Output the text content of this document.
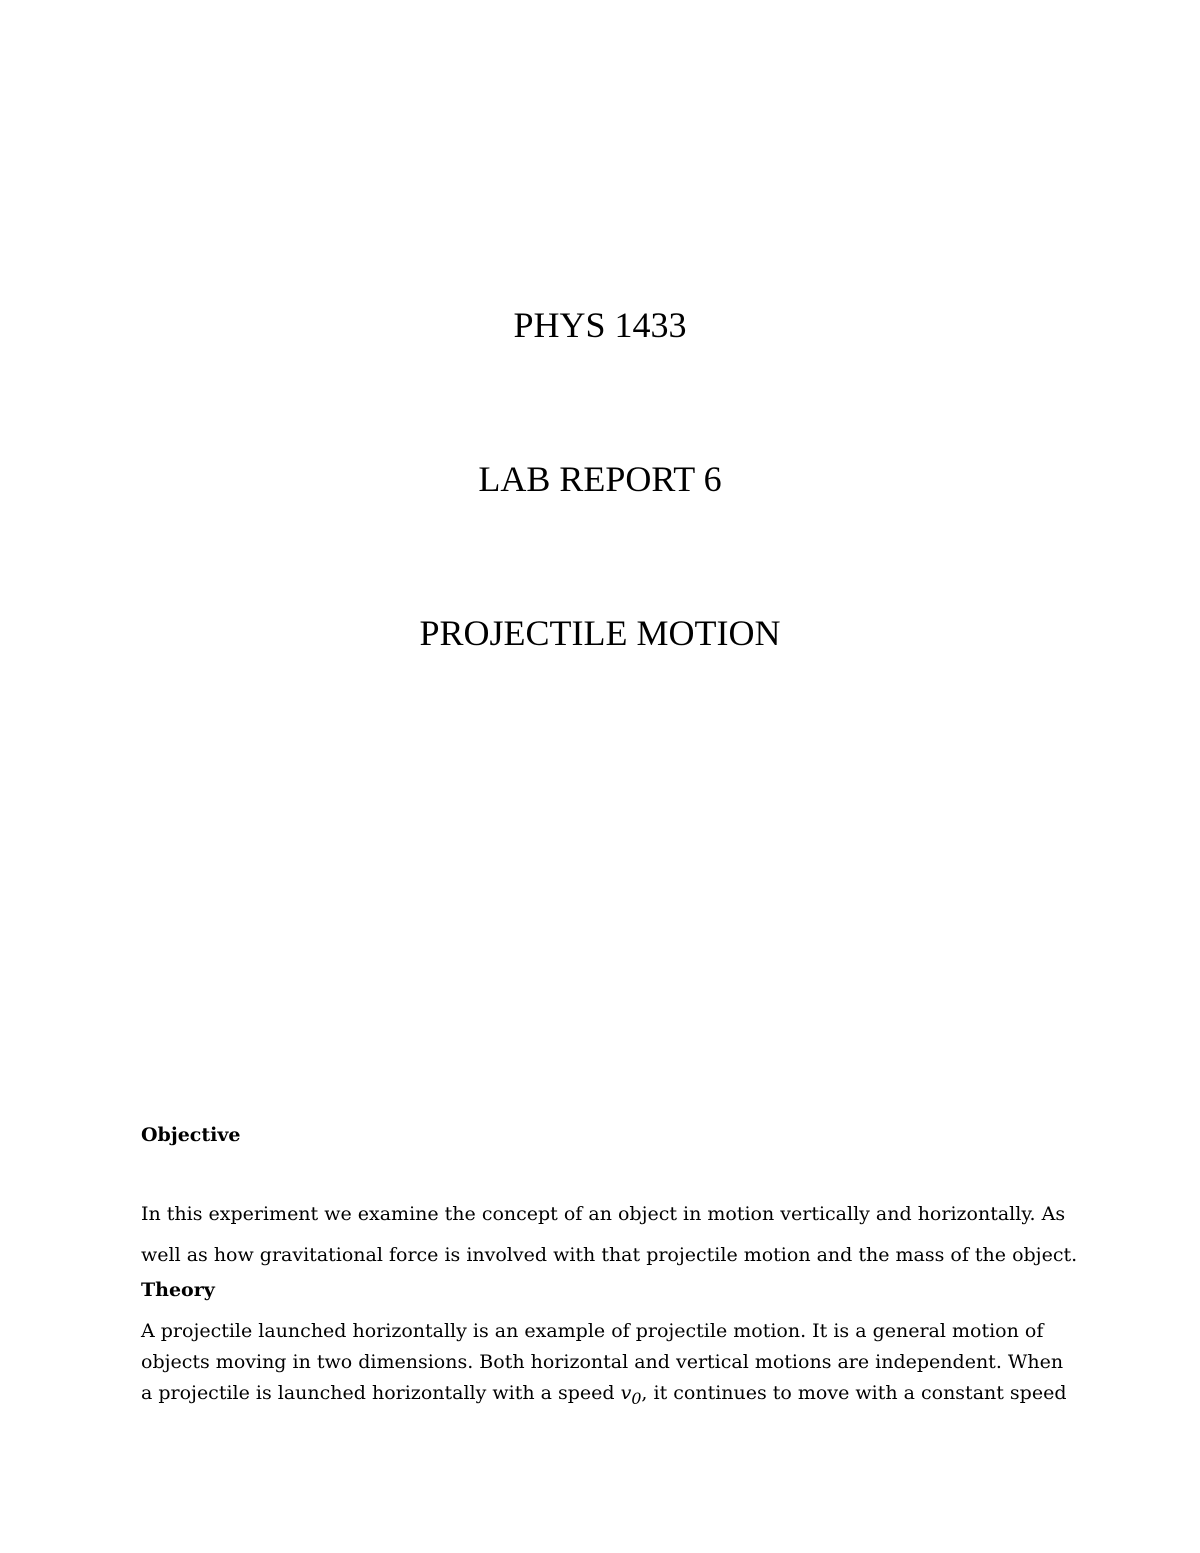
PHYS 1433
LAB REPORT 6
PROJECTILE MOTION
Objective

In this experiment we examine the concept of an object in motion vertically and horizontally. As
well as how gravitational force is involved with that projectile motion and the mass of the object.

Theory

A projectile launched horizontally is an example of projectile motion. It is a general motion of
objects moving in two dimensions. Both horizontal and vertical motions are independent. When
a projectile is launched horizontally with a speed $v_0$, it continues to move with a constant speed
